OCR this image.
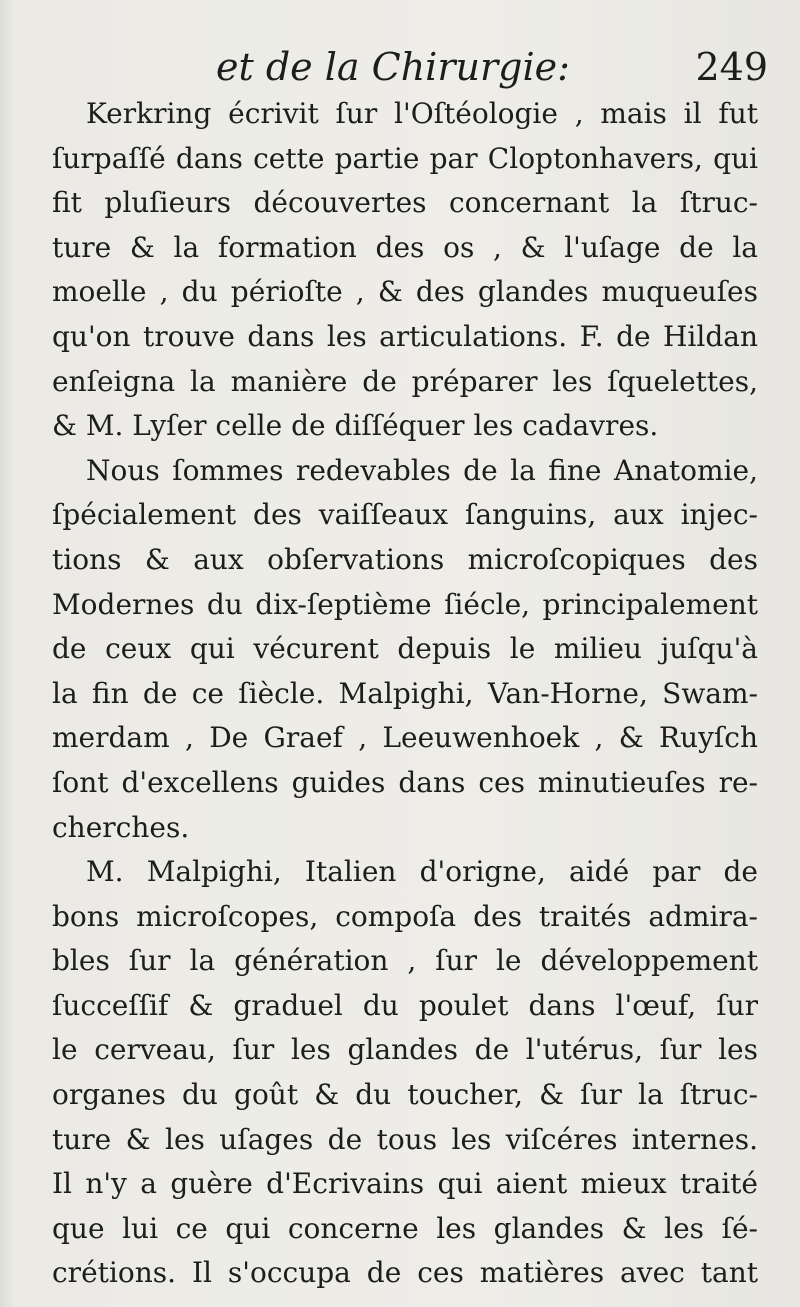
et de la Chirurgie:	249
Kerkring écrivit ſur l'Oſtéologie , mais il fut
ſurpaſſé dans cette partie par Cloptonhavers, qui
fit pluſieurs découvertes concernant la ſtruc-
ture & la formation des os , & l'uſage de la
moelle , du périoſte , & des glandes muqueuſes
qu'on trouve dans les articulations. F. de Hildan
enſeigna la manière de préparer les ſquelettes,
& M. Lyſer celle de diſſéquer les cadavres.
Nous ſommes redevables de la fine Anatomie,
ſpécialement des vaiſſeaux ſanguins, aux injec-
tions & aux obſervations microſcopiques des
Modernes du dix-ſeptième ſiécle, principalement
de ceux qui vécurent depuis le milieu juſqu'à
la fin de ce ſiècle. Malpighi, Van-Horne, Swam-
merdam , De Graef , Leeuwenhoek , & Ruyſch
ſont d'excellens guides dans ces minutieuſes re-
cherches.
M. Malpighi, Italien d'origne, aidé par de
bons microſcopes, compoſa des traités admira-
bles ſur la génération , ſur le développement
ſucceſſif & graduel du poulet dans l'œuf, ſur
le cerveau, ſur les glandes de l'utérus, ſur les
organes du goût & du toucher, & ſur la ſtruc-
ture & les uſages de tous les viſcéres internes.
Il n'y a guère d'Ecrivains qui aient mieux traité
que lui ce qui concerne les glandes & les ſé-
crétions. Il s'occupa de ces matières avec tant
